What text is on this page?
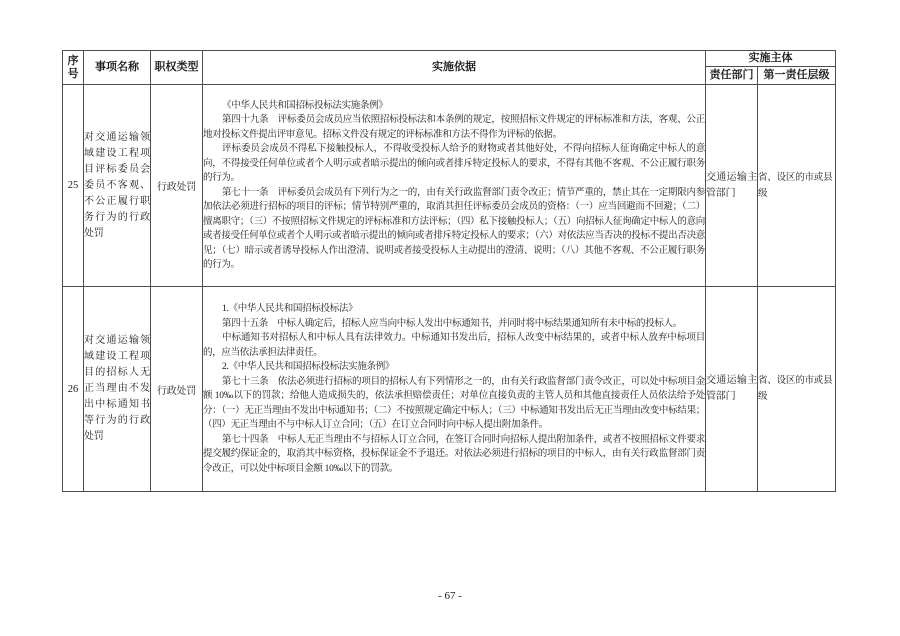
序号	事项名称	职权类型	实施依据	实施主体	
				责任部门	第一责任层级
25	对交通运输领域建设工程项目评标委员会委员不客观、不公正履行职务行为的行政处罚	行政处罚	《中华人民共和国招标投标法实施条例》

第四十九条　评标委员会成员应当依照招标投标法和本条例的规定，按照招标文件规定的评标标准和方法，客观、公正地对投标文件提出评审意见。招标文件没有规定的评标标准和方法不得作为评标的依据。

评标委员会成员不得私下接触投标人，不得收受投标人给予的财物或者其他好处，不得向招标人征询确定中标人的意向，不得接受任何单位或者个人明示或者暗示提出的倾向或者排斥特定投标人的要求，不得有其他不客观、不公正履行职务的行为。

第七十一条　评标委员会成员有下列行为之一的，由有关行政监督部门责令改正；情节严重的，禁止其在一定期限内参加依法必须进行招标的项目的评标；情节特别严重的，取消其担任评标委员会成员的资格：（一）应当回避而不回避；（二）擅离职守；（三）不按照招标文件规定的评标标准和方法评标；（四）私下接触投标人；（五）向招标人征询确定中标人的意向或者接受任何单位或者个人明示或者暗示提出的倾向或者排斥特定投标人的要求；（六）对依法应当否决的投标不提出否决意见；（七）暗示或者诱导投标人作出澄清、说明或者接受投标人主动提出的澄清、说明；（八）其他不客观、不公正履行职务的行为。	交通运输主管部门	省、设区的市或县级
26	对交通运输领域建设工程项目的招标人无正当理由不发出中标通知书等行为的行政处罚	行政处罚	

1.《中华人民共和国招标投标法》

第四十五条　中标人确定后，招标人应当向中标人发出中标通知书，并同时将中标结果通知所有未中标的投标人。

中标通知书对招标人和中标人具有法律效力。中标通知书发出后，招标人改变中标结果的，或者中标人放弃中标项目的，应当依法承担法律责任。

2.《中华人民共和国招标投标法实施条例》

第七十三条　依法必须进行招标的项目的招标人有下列情形之一的，由有关行政监督部门责令改正，可以处中标项目金额 10‰以下的罚款；给他人造成损失的，依法承担赔偿责任；对单位直接负责的主管人员和其他直接责任人员依法给予处分：（一）无正当理由不发出中标通知书；（二）不按照规定确定中标人；（三）中标通知书发出后无正当理由改变中标结果；（四）无正当理由不与中标人订立合同；（五）在订立合同时向中标人提出附加条件。

第七十四条　中标人无正当理由不与招标人订立合同，在签订合同时向招标人提出附加条件，或者不按照招标文件要求提交履约保证金的，取消其中标资格，投标保证金不予退还。对依法必须进行招标的项目的中标人，由有关行政监督部门责令改正，可以处中标项目金额 10‰以下的罚款。

	交通运输主管部门	省、设区的市或县级
- 67 -
